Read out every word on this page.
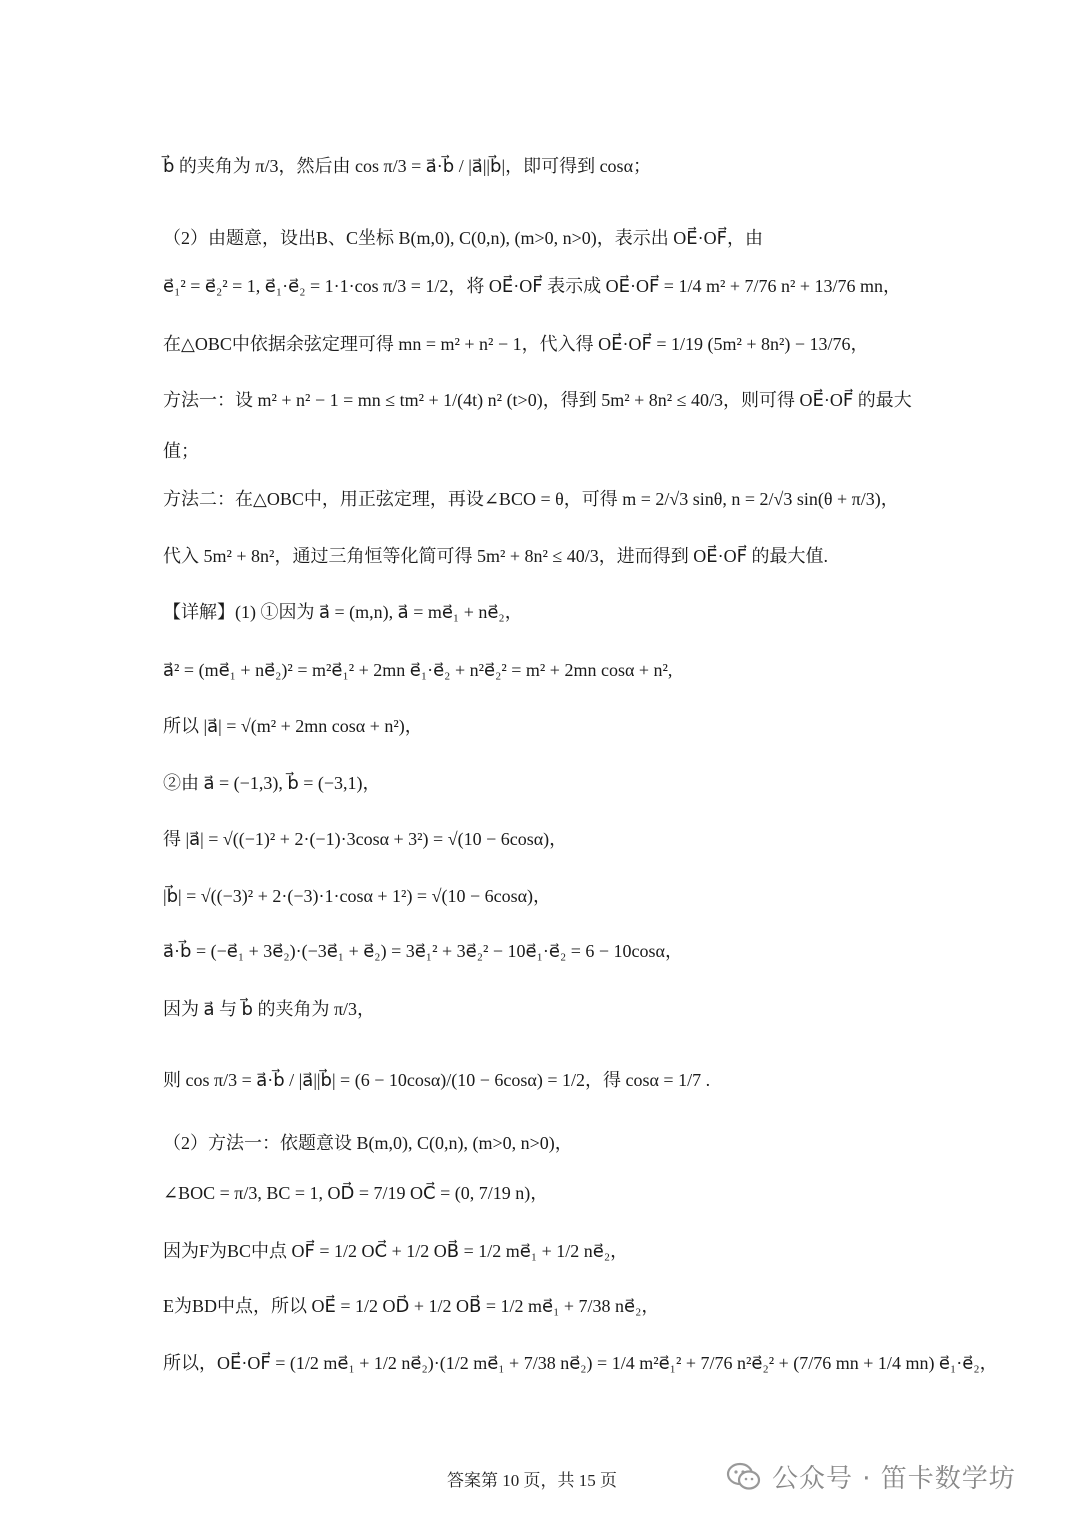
b⃗ 的夹角为 π/3，然后由 cos π/3 = a⃗·b⃗ / |a⃗||b⃗|，即可得到 cosα；
（2）由题意，设出B、C坐标 B(m,0), C(0,n), (m>0, n>0)，表示出 OE⃗·OF⃗，由
e⃗₁² = e⃗₂² = 1, e⃗₁·e⃗₂ = 1·1·cos π/3 = 1/2，将 OE⃗·OF⃗ 表示成 OE⃗·OF⃗ = 1/4 m² + 7/76 n² + 13/76 mn，
在△OBC中依据余弦定理可得 mn = m² + n² − 1，代入得 OE⃗·OF⃗ = 1/19 (5m² + 8n²) − 13/76，
方法一：设 m² + n² − 1 = mn ≤ tm² + 1/(4t) n² (t>0)，得到 5m² + 8n² ≤ 40/3，则可得 OE⃗·OF⃗ 的最大
值；
方法二：在△OBC中，用正弦定理，再设∠BCO = θ，可得 m = 2/√3 sinθ, n = 2/√3 sin(θ + π/3)，
代入 5m² + 8n²，通过三角恒等化简可得 5m² + 8n² ≤ 40/3，进而得到 OE⃗·OF⃗ 的最大值.
【详解】(1) ①因为 a⃗ = (m,n), a⃗ = me⃗₁ + ne⃗₂，
a⃗² = (me⃗₁ + ne⃗₂)² = m²e⃗₁² + 2mn e⃗₁·e⃗₂ + n²e⃗₂² = m² + 2mn cosα + n²,
所以 |a⃗| = √(m² + 2mn cosα + n²)，
②由 a⃗ = (−1,3), b⃗ = (−3,1)，
得 |a⃗| = √((−1)² + 2·(−1)·3cosα + 3²) = √(10 − 6cosα)，
|b⃗| = √((−3)² + 2·(−3)·1·cosα + 1²) = √(10 − 6cosα)，
a⃗·b⃗ = (−e⃗₁ + 3e⃗₂)·(−3e⃗₁ + e⃗₂) = 3e⃗₁² + 3e⃗₂² − 10e⃗₁·e⃗₂ = 6 − 10cosα，
因为 a⃗ 与 b⃗ 的夹角为 π/3，
则 cos π/3 = a⃗·b⃗ / |a⃗||b⃗| = (6 − 10cosα)/(10 − 6cosα) = 1/2，得 cosα = 1/7 .
（2）方法一：依题意设 B(m,0), C(0,n), (m>0, n>0)，
∠BOC = π/3, BC = 1, OD⃗ = 7/19 OC⃗ = (0, 7/19 n)，
因为F为BC中点 OF⃗ = 1/2 OC⃗ + 1/2 OB⃗ = 1/2 me⃗₁ + 1/2 ne⃗₂，
E为BD中点，所以 OE⃗ = 1/2 OD⃗ + 1/2 OB⃗ = 1/2 me⃗₁ + 7/38 ne⃗₂，
所以，OE⃗·OF⃗ = (1/2 me⃗₁ + 1/2 ne⃗₂)·(1/2 me⃗₁ + 7/38 ne⃗₂) = 1/4 m²e⃗₁² + 7/76 n²e⃗₂² + (7/76 mn + 1/4 mn) e⃗₁·e⃗₂，
答案第 10 页，共 15 页	公众号 · 笛卡数学坊
